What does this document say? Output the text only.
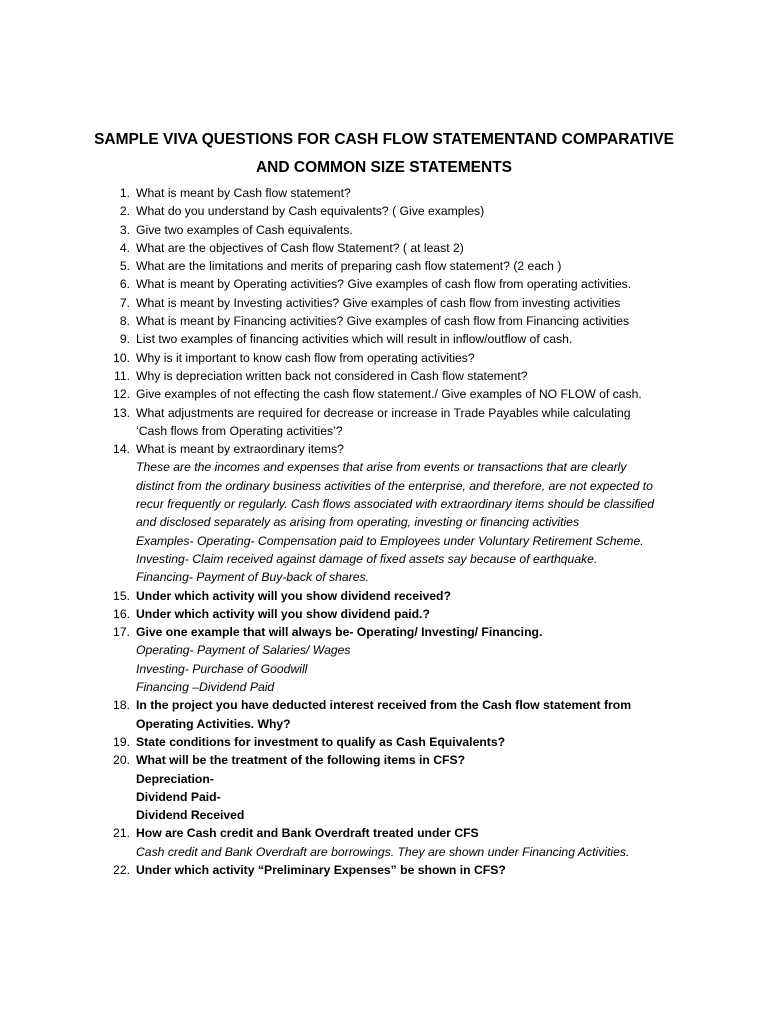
SAMPLE VIVA QUESTIONS FOR CASH FLOW STATEMENTAND COMPARATIVE
AND COMMON SIZE STATEMENTS
1. What is meant by Cash flow statement?
2. What do you understand by Cash equivalents? ( Give examples)
3. Give two examples of Cash equivalents.
4. What are the objectives of Cash flow Statement? ( at least 2)
5. What are the limitations and merits of preparing cash flow statement? (2 each )
6. What is meant by Operating activities? Give examples of cash flow from operating activities.
7. What is meant by Investing activities? Give examples of cash flow from investing activities
8. What is meant by Financing activities? Give examples of cash flow from Financing activities
9. List two examples of financing activities which will result in inflow/outflow of cash.
10. Why is it important to know cash flow from operating activities?
11. Why is depreciation written back not considered in Cash flow statement?
12. Give examples of not effecting the cash flow statement./ Give examples of NO FLOW of cash.
13. What adjustments are required for decrease or increase in Trade Payables while calculating
‘Cash flows from Operating activities’?
14. What is meant by extraordinary items?
These are the incomes and expenses that arise from events or transactions that are clearly
distinct from the ordinary business activities of the enterprise, and therefore, are not expected to
recur frequently or regularly. Cash flows associated with extraordinary items should be classified
and disclosed separately as arising from operating, investing or financing activities
Examples- Operating- Compensation paid to Employees under Voluntary Retirement Scheme.
Investing- Claim received against damage of fixed assets say because of earthquake.
Financing- Payment of Buy-back of shares.
15. Under which activity will you show dividend received?
16. Under which activity will you show dividend paid.?
17. Give one example that will always be- Operating/ Investing/ Financing.
Operating- Payment of Salaries/ Wages
Investing- Purchase of Goodwill
Financing –Dividend Paid
18. In the project you have deducted interest received from the Cash flow statement from
Operating Activities. Why?
19. State conditions for investment to qualify as Cash Equivalents?
20. What will be the treatment of the following items in CFS?
Depreciation-
Dividend Paid-
Dividend Received
21. How are Cash credit and Bank Overdraft treated under CFS
Cash credit and Bank Overdraft are borrowings. They are shown under Financing Activities.
22. Under which activity “Preliminary Expenses” be shown in CFS?
